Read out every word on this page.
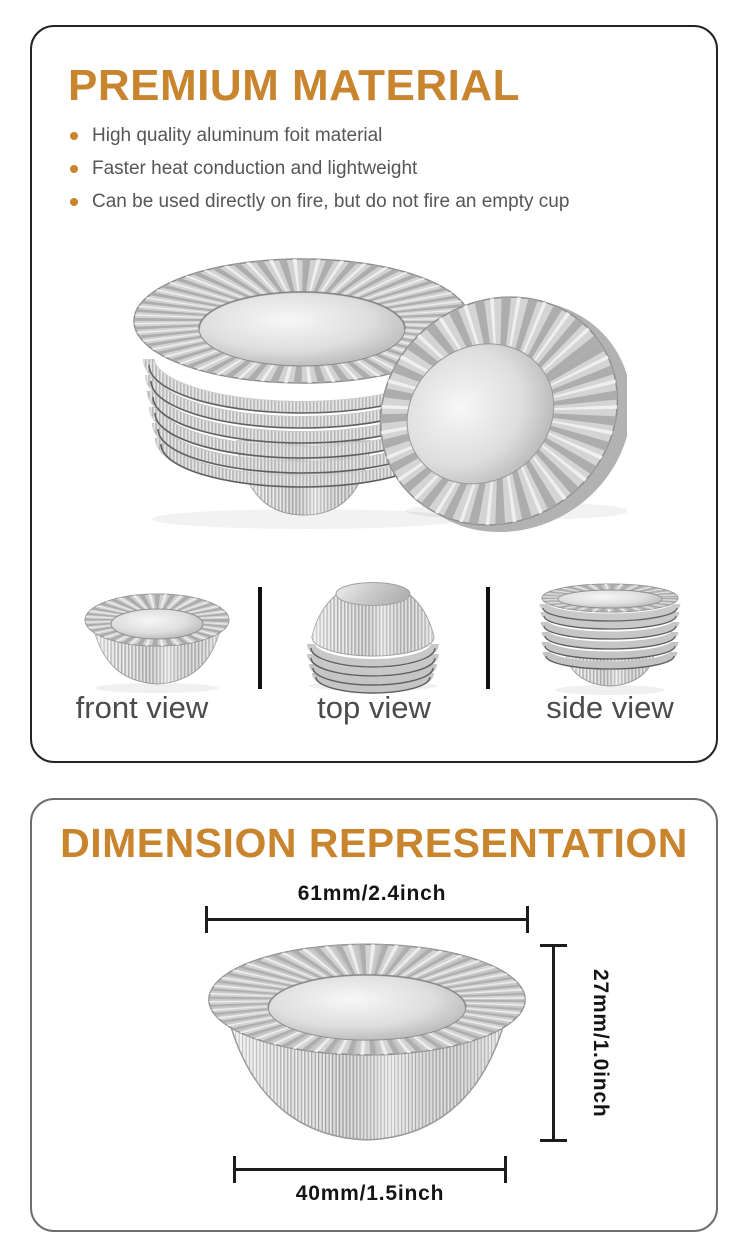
PREMIUM MATERIAL
High quality aluminum foit material
Faster heat conduction and lightweight
Can be used directly on fire, but do not fire an empty cup
front view	top view	side view
DIMENSION REPRESENTATION
61mm/2.4inch
27mm/1.0inch
40mm/1.5inch
